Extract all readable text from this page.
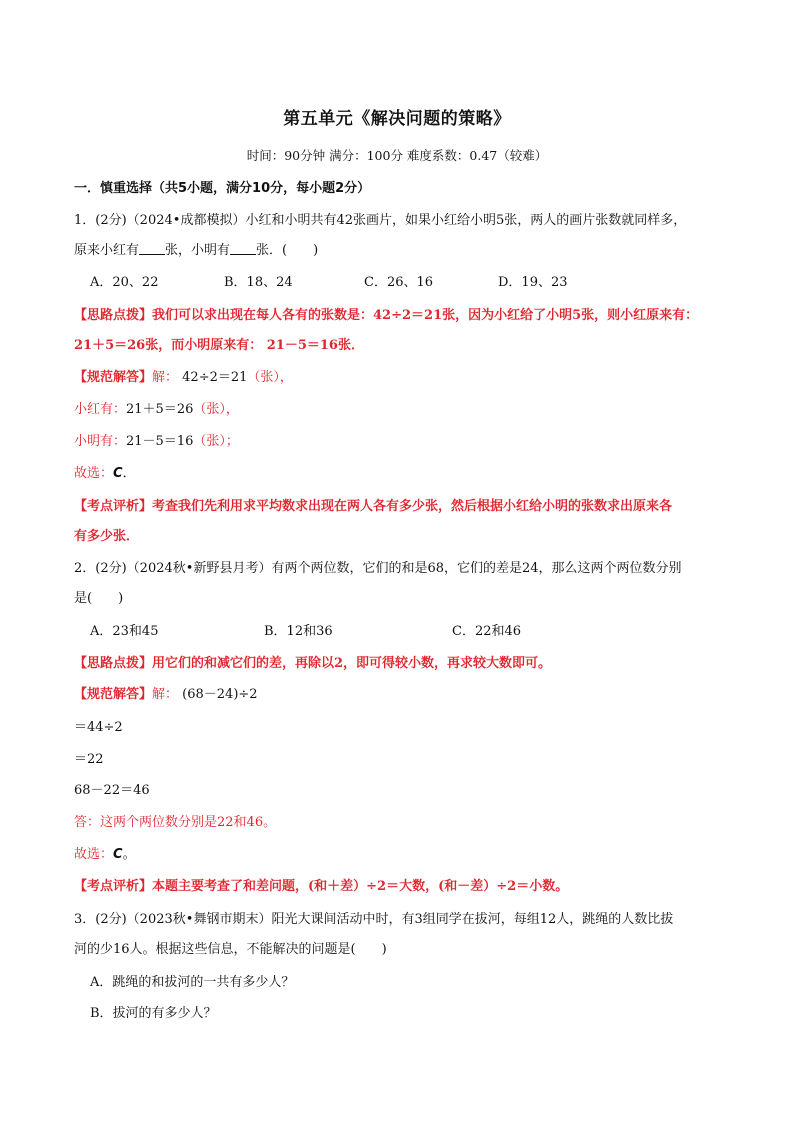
第五单元《解决问题的策略》
时间：90分钟 满分：100分 难度系数：0.47（较难）
一．慎重选择（共5小题，满分10分，每小题2分）
1．(2分)（2024•成都模拟）小红和小明共有42张画片，如果小红给小明5张，两人的画片张数就同样多，
原来小红有 张，小明有 张．(　　)
A．20、22	B．18、24	C．26、16	D．19、23
【思路点拨】我们可以求出现在每人各有的张数是：42÷2＝21张，因为小红给了小明5张，则小红原来有：
21＋5＝26张，而小明原来有： 21－5＝16张．
【规范解答】解： 42÷2＝21（张），
小红有：21＋5＝26（张），
小明有：21－5＝16（张）；
故选：C．
【考点评析】考查我们先利用求平均数求出现在两人各有多少张，然后根据小红给小明的张数求出原来各
有多少张．
2．(2分)（2024秋•新野县月考）有两个两位数，它们的和是68，它们的差是24，那么这两个两位数分别
是(　　)
A．23和45	B．12和36	C．22和46
【思路点拨】用它们的和减它们的差，再除以2，即可得较小数，再求较大数即可。
【规范解答】解： (68－24)÷2
＝44÷2
＝22
68－22＝46
答：这两个两位数分别是22和46。
故选：C。
【考点评析】本题主要考查了和差问题，(和＋差）÷2＝大数，(和－差）÷2＝小数。
3．(2分)（2023秋•舞钢市期末）阳光大课间活动中时，有3组同学在拔河，每组12人，跳绳的人数比拔
河的少16人。根据这些信息，不能解决的问题是(　　)
A．跳绳的和拔河的一共有多少人？
B．拔河的有多少人？
